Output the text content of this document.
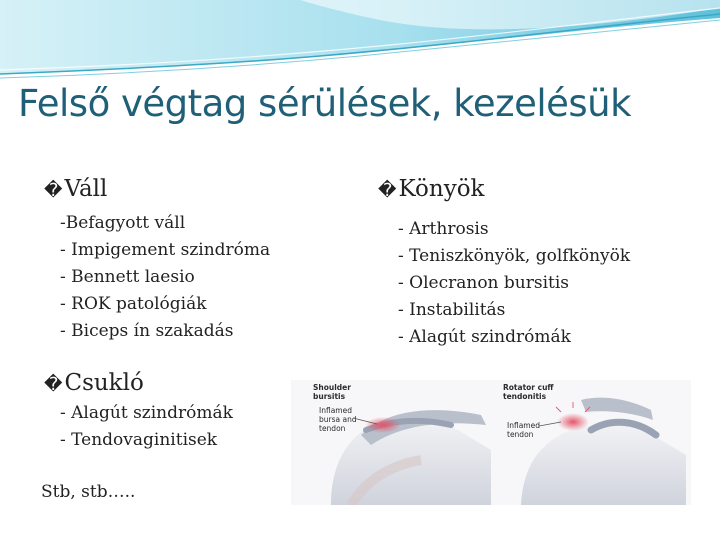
Felső végtag sérülések, kezelésük
�Váll
-Befagyott váll
- Impigement szindróma
- Bennett laesio
- ROK patológiák
- Biceps ín szakadás
�Könyök
- Arthrosis
- Teniszkönyök, golfkönyök
- Olecranon bursitis
- Instabilitás
- Alagút szindrómák
�Csukló
- Alagút szindrómák
- Tendovaginitisek
Stb, stb…..
Shoulder
bursitis
Inflamed
bursa and
tendon
Rotator cuff
tendonitis
Inflamed
tendon
